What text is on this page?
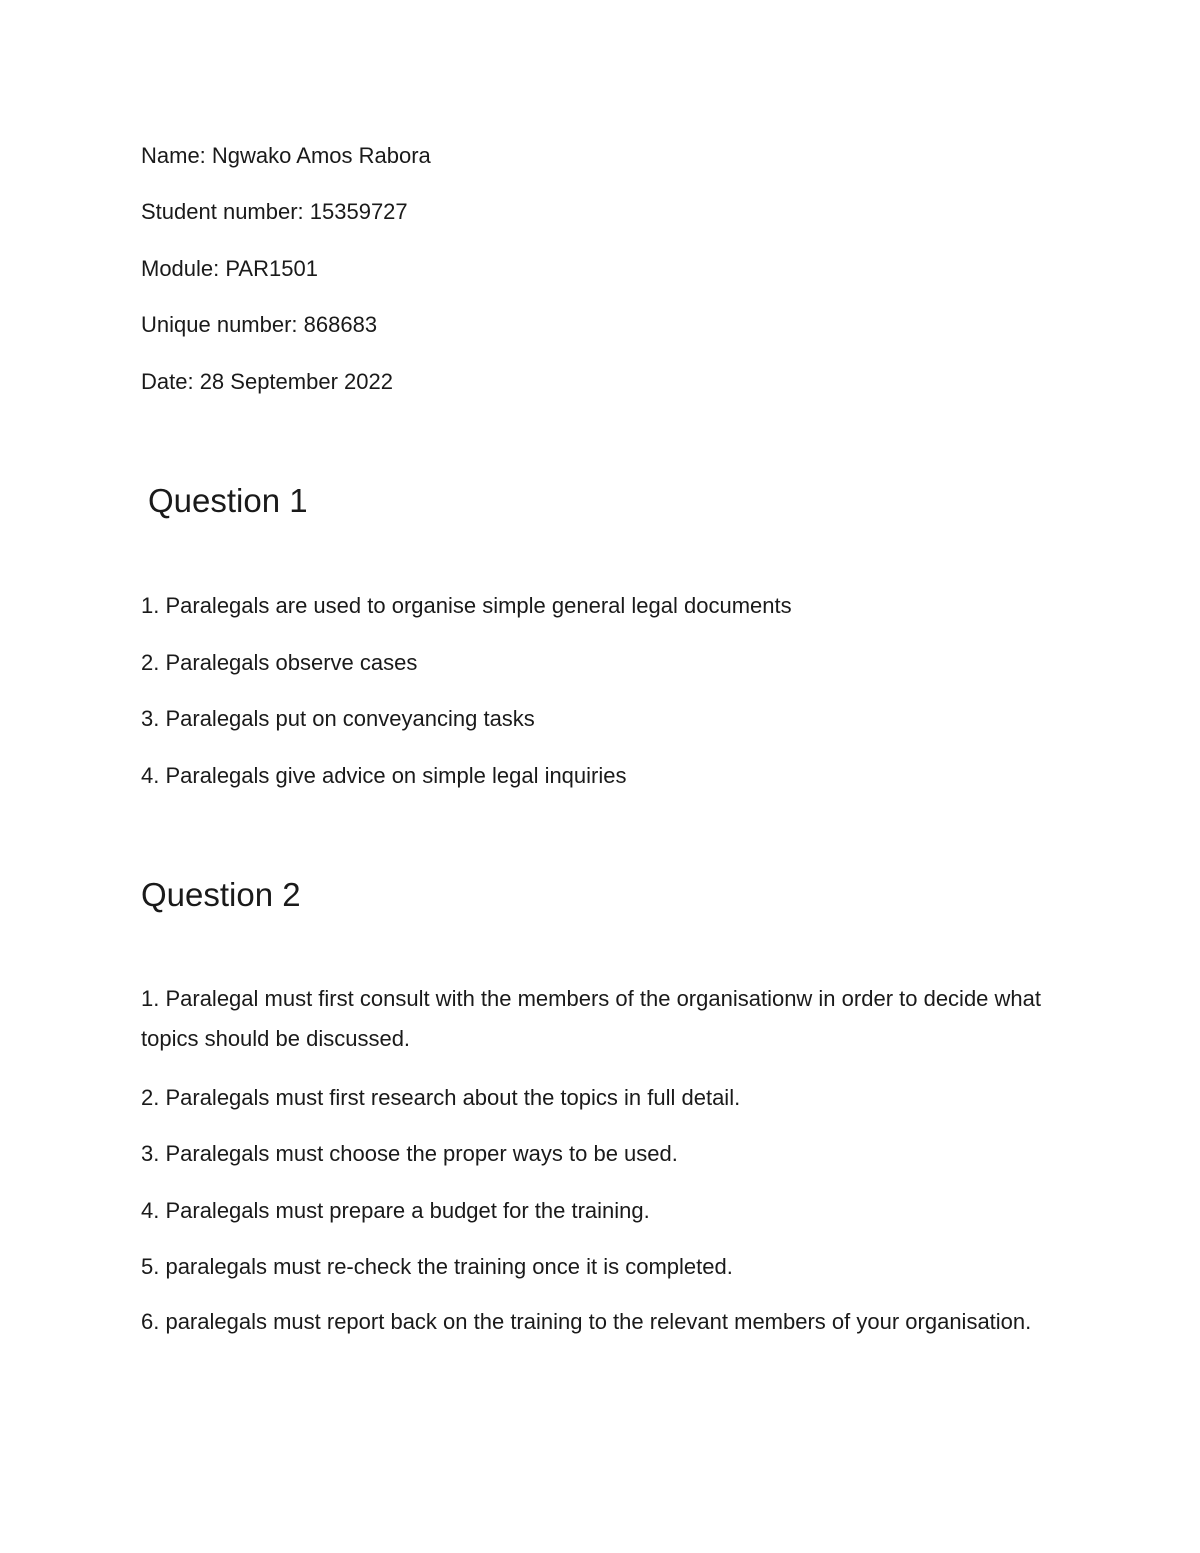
Name: Ngwako Amos Rabora

Student number: 15359727

Module: PAR1501

Unique number: 868683

Date: 28 September 2022

Question 1

1. Paralegals are used to organise simple general legal documents

2. Paralegals observe cases

3. Paralegals put on conveyancing tasks

4. Paralegals give advice on simple legal inquiries

Question 2

1. Paralegal must first consult with the members of the organisationw in order to decide what topics should be discussed.

2. Paralegals must first research about the topics in full detail.

3. Paralegals must choose the proper ways to be used.

4. Paralegals must prepare a budget for the training.

5. paralegals must re-check the training once it is completed.

6. paralegals must report back on the training to the relevant members of your organisation.
